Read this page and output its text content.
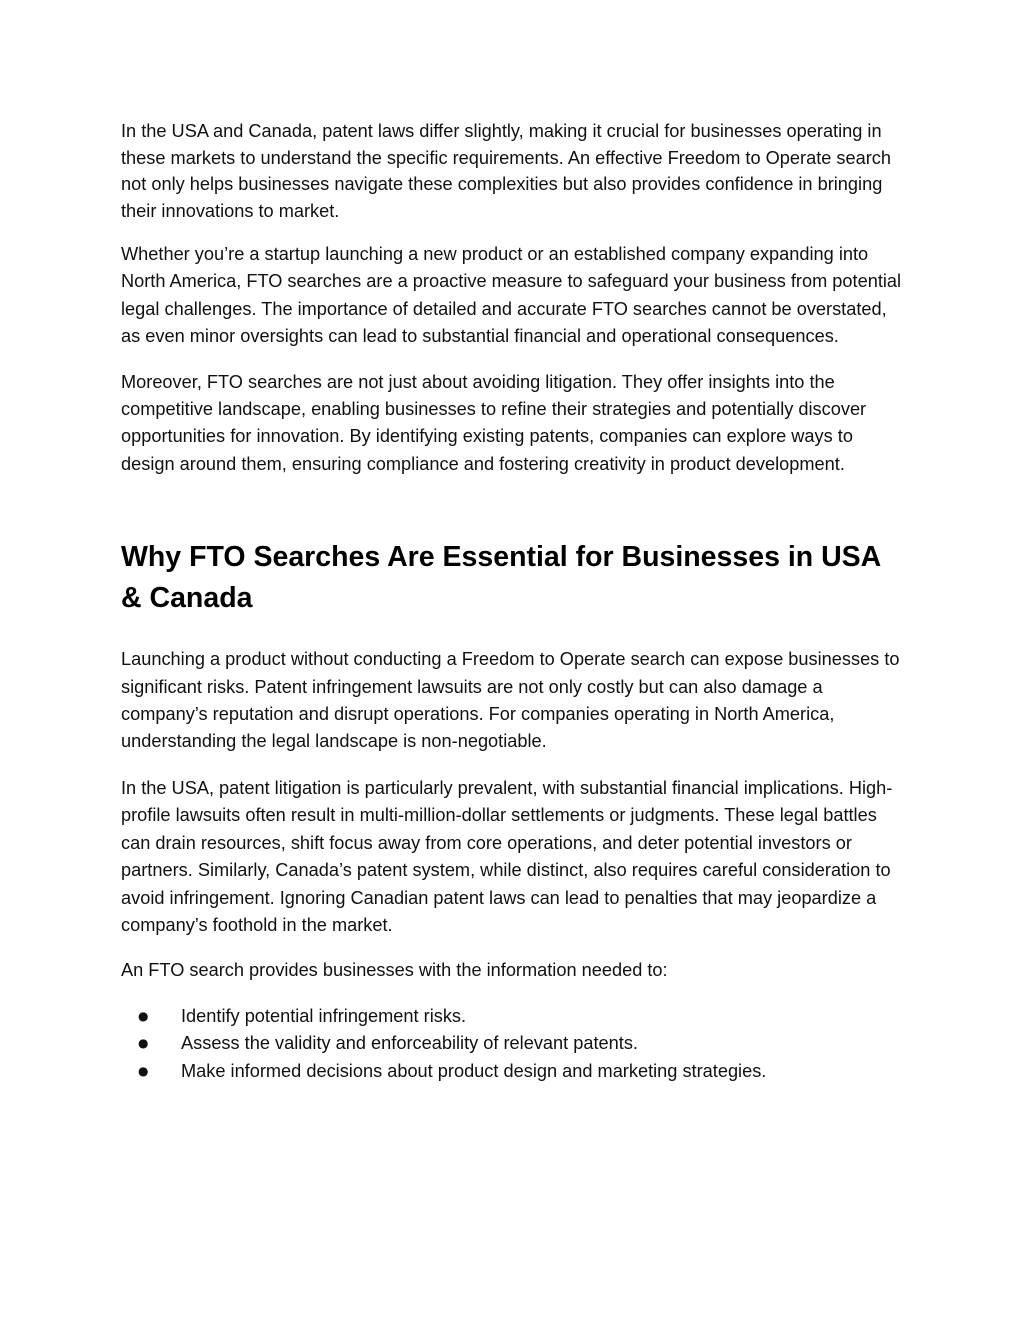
In the USA and Canada, patent laws differ slightly, making it crucial for businesses operating in these markets to understand the specific requirements. An effective Freedom to Operate search not only helps businesses navigate these complexities but also provides confidence in bringing their innovations to market.

Whether you’re a startup launching a new product or an established company expanding into North America, FTO searches are a proactive measure to safeguard your business from potential legal challenges. The importance of detailed and accurate FTO searches cannot be overstated, as even minor oversights can lead to substantial financial and operational consequences.

Moreover, FTO searches are not just about avoiding litigation. They offer insights into the competitive landscape, enabling businesses to refine their strategies and potentially discover opportunities for innovation. By identifying existing patents, companies can explore ways to design around them, ensuring compliance and fostering creativity in product development.

Why FTO Searches Are Essential for Businesses in USA & Canada

Launching a product without conducting a Freedom to Operate search can expose businesses to significant risks. Patent infringement lawsuits are not only costly but can also damage a company’s reputation and disrupt operations. For companies operating in North America, understanding the legal landscape is non-negotiable.

In the USA, patent litigation is particularly prevalent, with substantial financial implications. High-profile lawsuits often result in multi-million-dollar settlements or judgments. These legal battles can drain resources, shift focus away from core operations, and deter potential investors or partners. Similarly, Canada’s patent system, while distinct, also requires careful consideration to avoid infringement. Ignoring Canadian patent laws can lead to penalties that may jeopardize a company’s foothold in the market.

An FTO search provides businesses with the information needed to:

● Identify potential infringement risks.
● Assess the validity and enforceability of relevant patents.
● Make informed decisions about product design and marketing strategies.
